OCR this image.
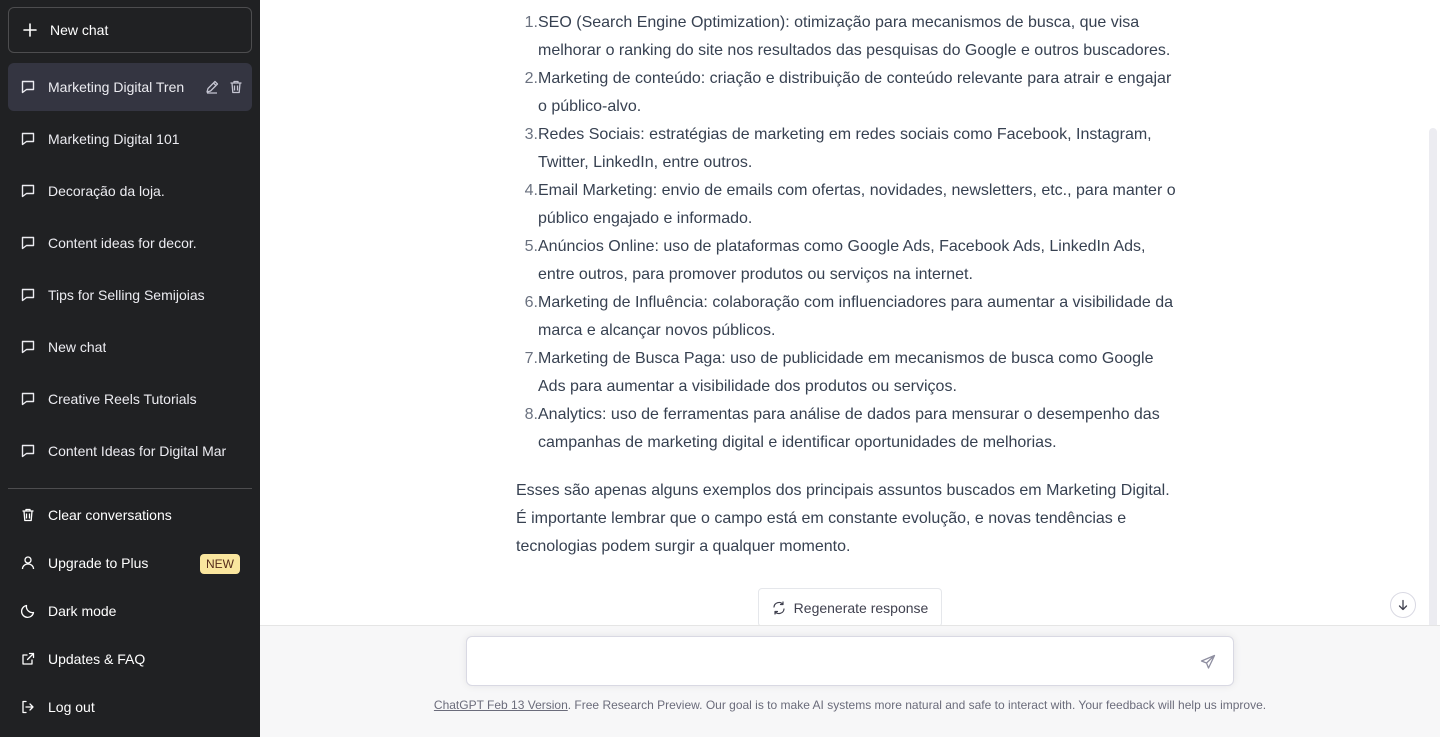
New chat
Marketing Digital Tren
Marketing Digital 101
Decoração da loja.
Content ideas for decor.
Tips for Selling Semijoias
New chat
Creative Reels Tutorials
Content Ideas for Digital Mar
Clear conversations
Upgrade to Plus	NEW
Dark mode
Updates & FAQ
Log out
1. SEO (Search Engine Optimization): otimização para mecanismos de busca, que visa melhorar o ranking do site nos resultados das pesquisas do Google e outros buscadores.
2. Marketing de conteúdo: criação e distribuição de conteúdo relevante para atrair e engajar o público-alvo.
3. Redes Sociais: estratégias de marketing em redes sociais como Facebook, Instagram, Twitter, LinkedIn, entre outros.
4. Email Marketing: envio de emails com ofertas, novidades, newsletters, etc., para manter o público engajado e informado.
5. Anúncios Online: uso de plataformas como Google Ads, Facebook Ads, LinkedIn Ads, entre outros, para promover produtos ou serviços na internet.
6. Marketing de Influência: colaboração com influenciadores para aumentar a visibilidade da marca e alcançar novos públicos.
7. Marketing de Busca Paga: uso de publicidade em mecanismos de busca como Google Ads para aumentar a visibilidade dos produtos ou serviços.
8. Analytics: uso de ferramentas para análise de dados para mensurar o desempenho das campanhas de marketing digital e identificar oportunidades de melhorias.

Esses são apenas alguns exemplos dos principais assuntos buscados em Marketing Digital. É importante lembrar que o campo está em constante evolução, e novas tendências e tecnologias podem surgir a qualquer momento.

Regenerate response
ChatGPT Feb 13 Version. Free Research Preview. Our goal is to make AI systems more natural and safe to interact with. Your feedback will help us improve.
